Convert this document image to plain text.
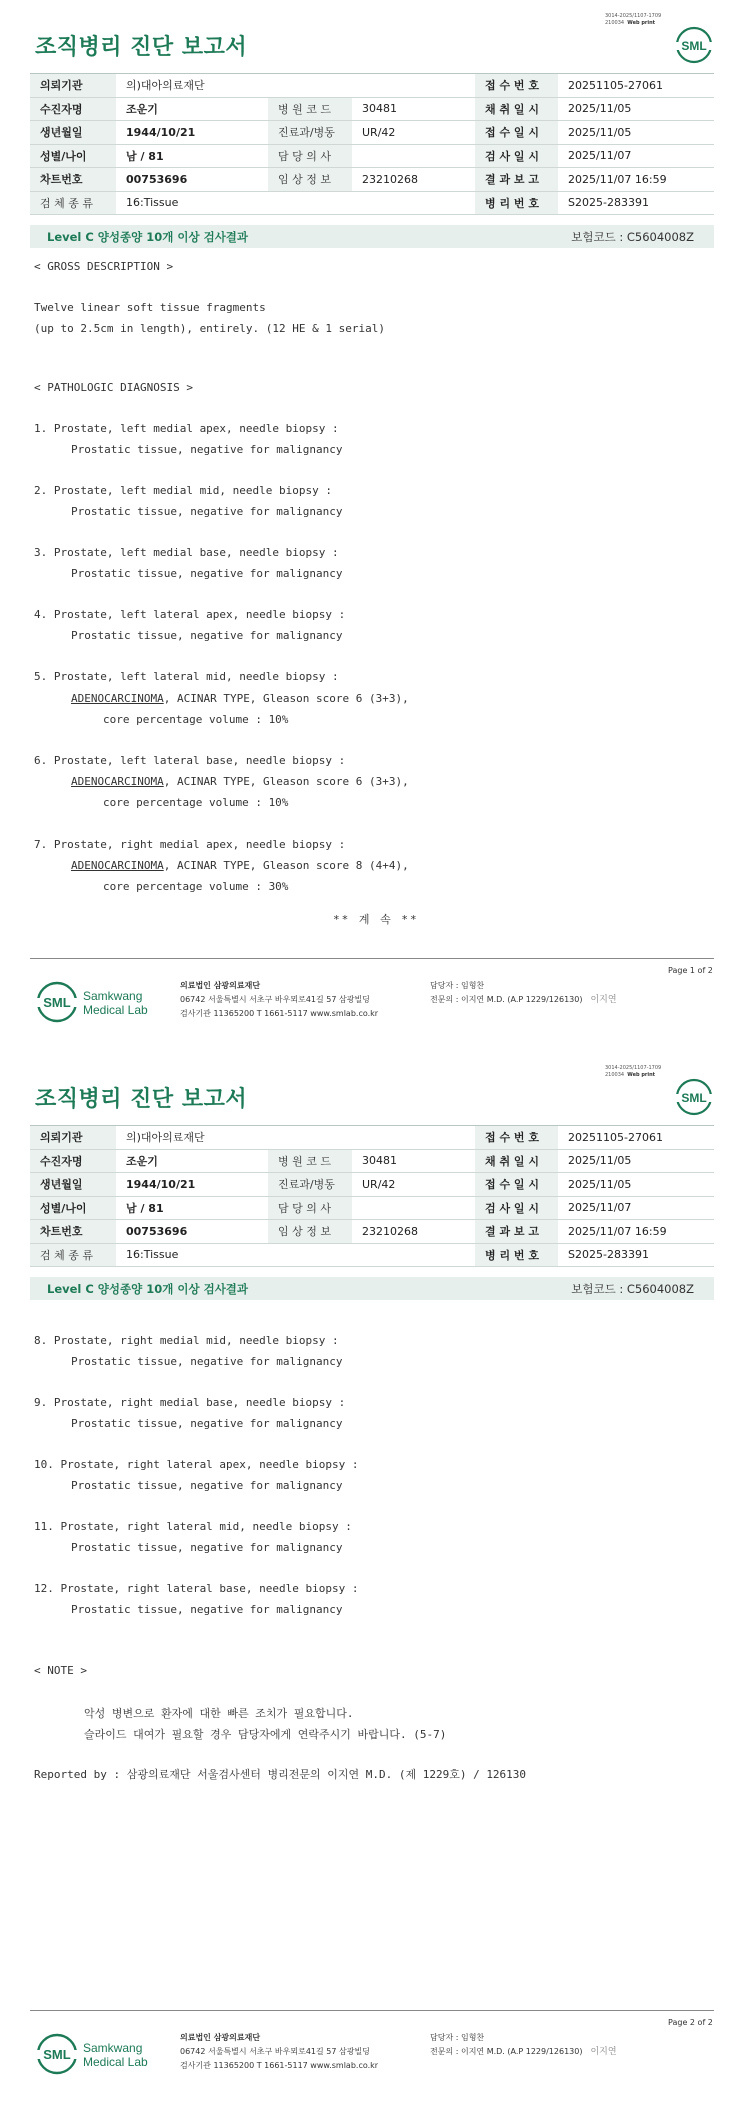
3014-2025/1107-1709
210034 Web print
조직병리 진단 보고서	SML
의뢰기관	의)대아의료재단			접 수 번 호	20251105-27061
수진자명	조운기	병 원 코 드	30481	채 취 일 시	2025/11/05
생년월일	1944/10/21	진료과/병동	UR/42	접 수 일 시	2025/11/05
성별/나이	남 / 81	담 당 의 사		검 사 일 시	2025/11/07
차트번호	00753696	임 상 정 보	23210268	결 과 보 고	2025/11/07 16:59
검 체 종 류	16:Tissue			병 리 번 호	S2025-283391
Level C 양성종양 10개 이상 검사결과	보험코드 : C5604008Z
< GROSS DESCRIPTION >
Twelve linear soft tissue fragments
(up to 2.5cm in length), entirely. (12 HE & 1 serial)
< PATHOLOGIC DIAGNOSIS >
1. Prostate, left medial apex, needle biopsy :
Prostatic tissue, negative for malignancy
2. Prostate, left medial mid, needle biopsy :
Prostatic tissue, negative for malignancy
3. Prostate, left medial base, needle biopsy :
Prostatic tissue, negative for malignancy
4. Prostate, left lateral apex, needle biopsy :
Prostatic tissue, negative for malignancy
5. Prostate, left lateral mid, needle biopsy :
ADENOCARCINOMA, ACINAR TYPE, Gleason score 6 (3+3),
core percentage volume : 10%
6. Prostate, left lateral base, needle biopsy :
ADENOCARCINOMA, ACINAR TYPE, Gleason score 6 (3+3),
core percentage volume : 10%
7. Prostate, right medial apex, needle biopsy :
ADENOCARCINOMA, ACINAR TYPE, Gleason score 8 (4+4),
core percentage volume : 30%
** 계 속 **
Page 1 of 2
SML Samkwang
Medical Lab
의료법인 삼광의료재단
06742 서울특별시 서초구 바우뫼로41길 57 삼광빌딩
검사기관 11365200 T 1661-5117 www.smlab.co.kr
담당자 : 임형찬
전문의 : 이지연 M.D. (A.P 1229/126130) 이지연
3014-2025/1107-1709
210034 Web print
조직병리 진단 보고서	SML
의뢰기관	의)대아의료재단			접 수 번 호	20251105-27061
수진자명	조운기	병 원 코 드	30481	채 취 일 시	2025/11/05
생년월일	1944/10/21	진료과/병동	UR/42	접 수 일 시	2025/11/05
성별/나이	남 / 81	담 당 의 사		검 사 일 시	2025/11/07
차트번호	00753696	임 상 정 보	23210268	결 과 보 고	2025/11/07 16:59
검 체 종 류	16:Tissue			병 리 번 호	S2025-283391
Level C 양성종양 10개 이상 검사결과	보험코드 : C5604008Z
8. Prostate, right medial mid, needle biopsy :
Prostatic tissue, negative for malignancy
9. Prostate, right medial base, needle biopsy :
Prostatic tissue, negative for malignancy
10. Prostate, right lateral apex, needle biopsy :
Prostatic tissue, negative for malignancy
11. Prostate, right lateral mid, needle biopsy :
Prostatic tissue, negative for malignancy
12. Prostate, right lateral base, needle biopsy :
Prostatic tissue, negative for malignancy
< NOTE >
악성 병변으로 환자에 대한 빠른 조치가 필요합니다.
슬라이드 대여가 필요할 경우 담당자에게 연락주시기 바랍니다. (5-7)
Reported by : 삼광의료재단 서울검사센터 병리전문의 이지연 M.D. (제 1229호) / 126130
Page 2 of 2
SML Samkwang
Medical Lab
의료법인 삼광의료재단
06742 서울특별시 서초구 바우뫼로41길 57 삼광빌딩
검사기관 11365200 T 1661-5117 www.smlab.co.kr
담당자 : 임형찬
전문의 : 이지연 M.D. (A.P 1229/126130) 이지연
